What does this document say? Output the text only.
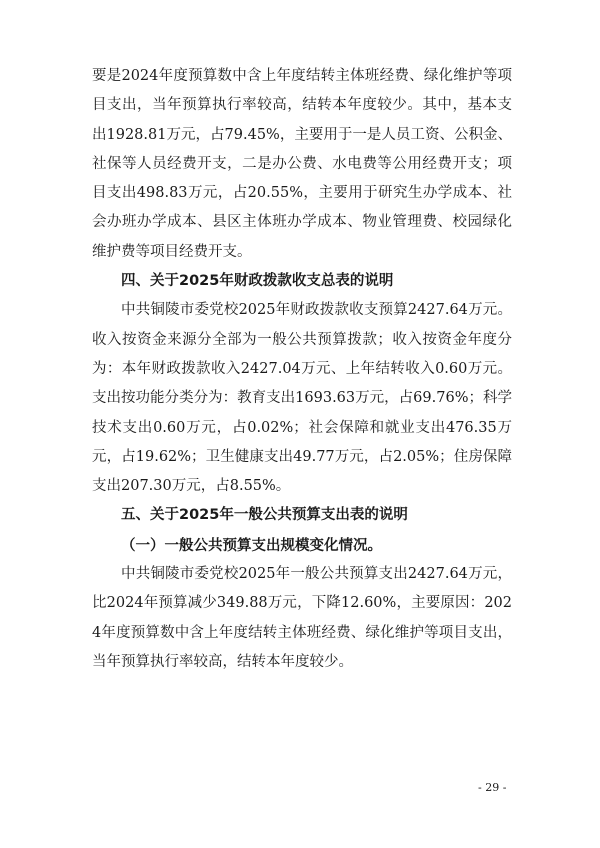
要是2024年度预算数中含上年度结转主体班经费、绿化维护等项目支出，当年预算执行率较高，结转本年度较少。其中，基本支出1928.81万元，占79.45%，主要用于一是人员工资、公积金、社保等人员经费开支，二是办公费、水电费等公用经费开支；项目支出498.83万元，占20.55%，主要用于研究生办学成本、社会办班办学成本、县区主体班办学成本、物业管理费、校园绿化维护费等项目经费开支。

四、关于2025年财政拨款收支总表的说明

中共铜陵市委党校2025年财政拨款收支预算2427.64万元。收入按资金来源分全部为一般公共预算拨款；收入按资金年度分为：本年财政拨款收入2427.04万元、上年结转收入0.60万元。支出按功能分类分为：教育支出1693.63万元，占69.76%；科学技术支出0.60万元，占0.02%；社会保障和就业支出476.35万元，占19.62%；卫生健康支出49.77万元，占2.05%；住房保障支出207.30万元，占8.55%。

五、关于2025年一般公共预算支出表的说明

（一）一般公共预算支出规模变化情况。

中共铜陵市委党校2025年一般公共预算支出2427.64万元，比2024年预算减少349.88万元，下降12.60%，主要原因：2024年度预算数中含上年度结转主体班经费、绿化维护等项目支出，当年预算执行率较高，结转本年度较少。

- 29 -
